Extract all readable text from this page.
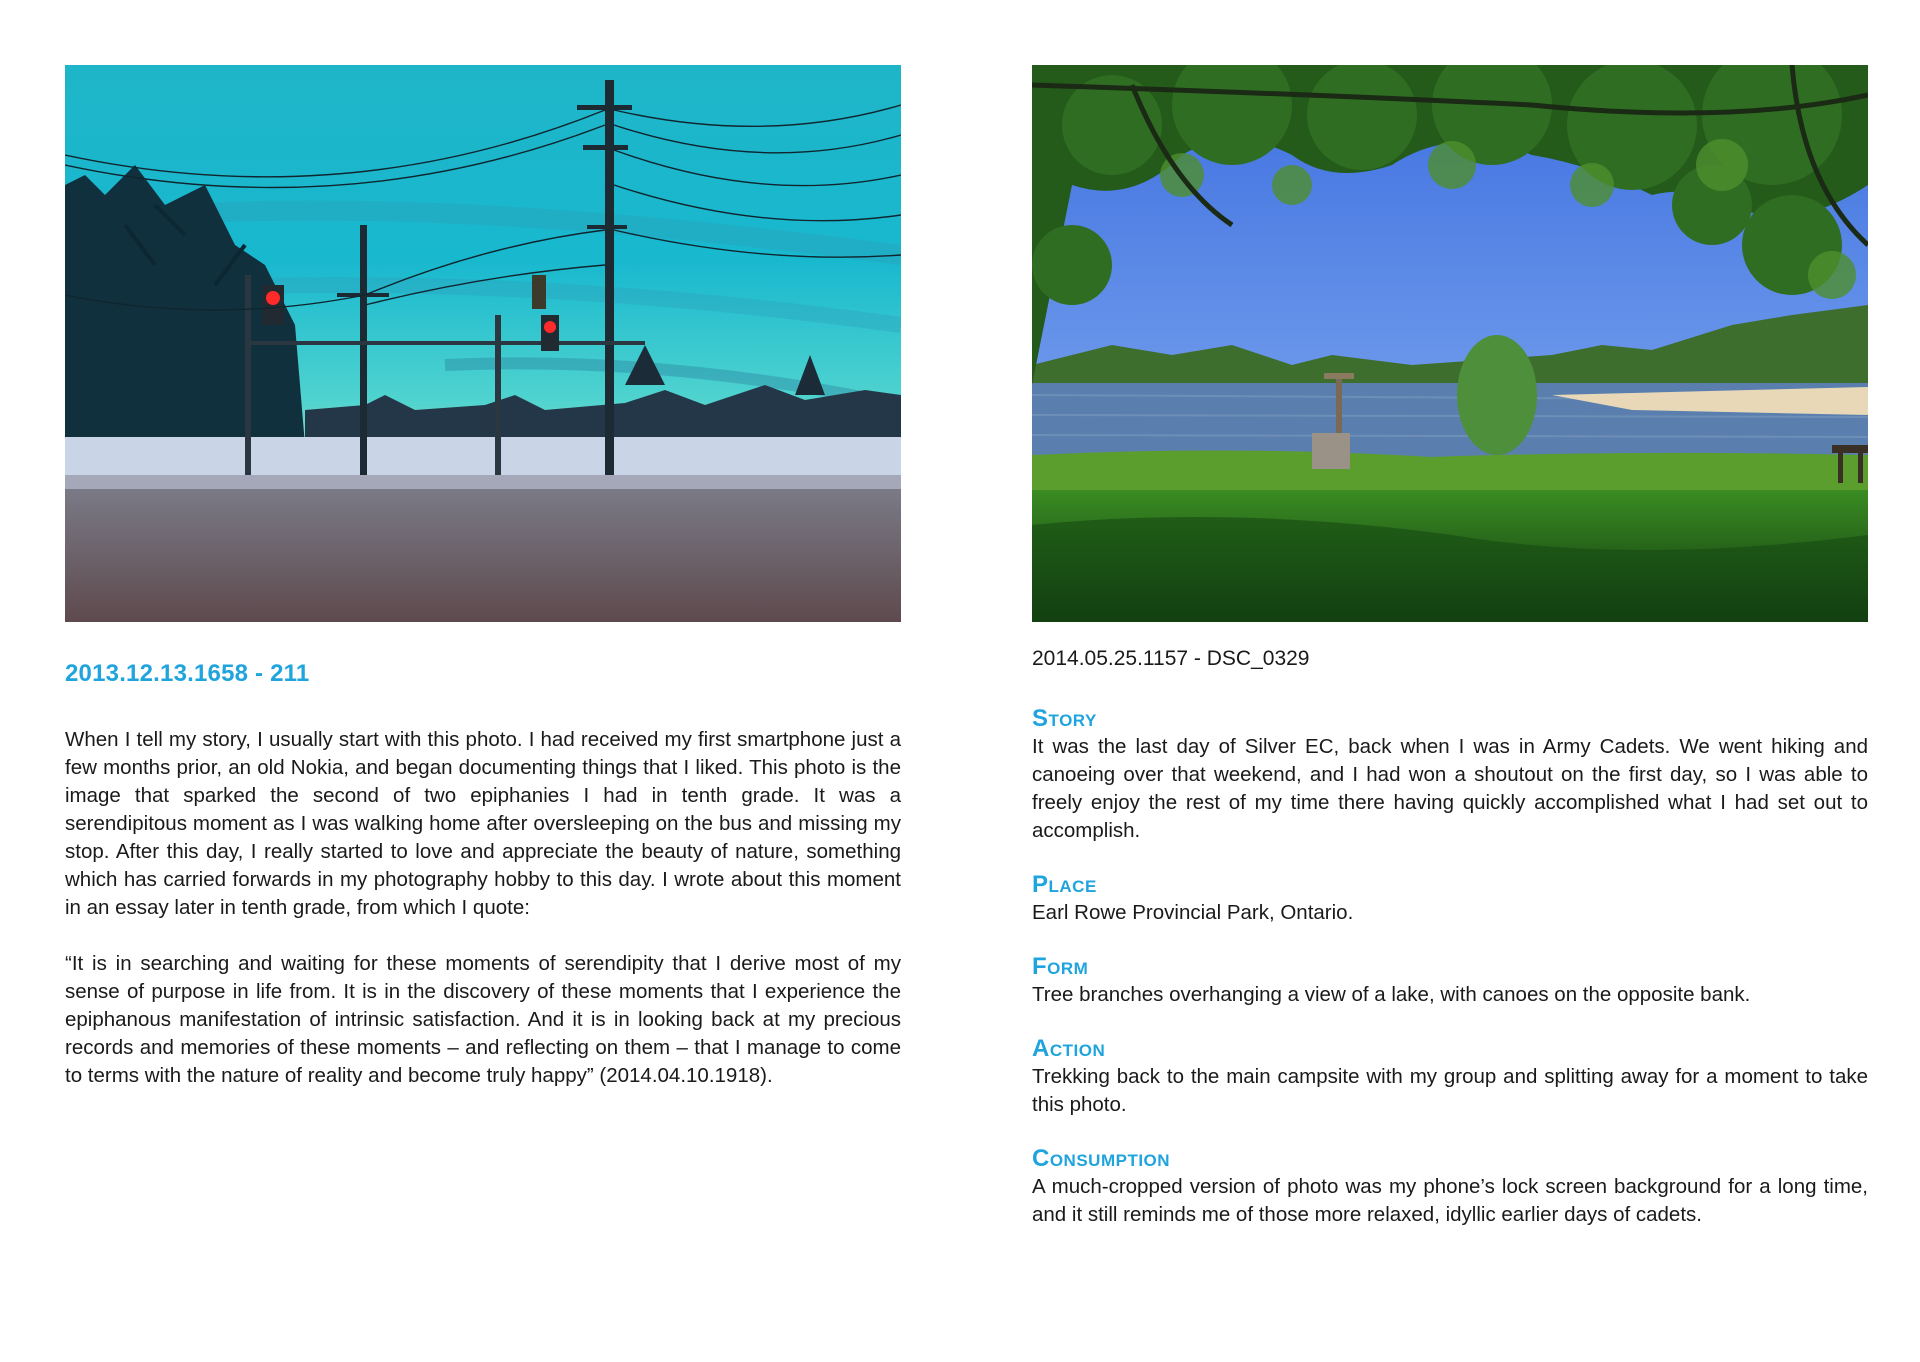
2013.12.13.1658 - 211

When I tell my story, I usually start with this photo. I had received my first smartphone just a few months prior, an old Nokia, and began documenting things that I liked. This photo is the image that sparked the second of two epiphanies I had in tenth grade. It was a serendipitous moment as I was walking home after oversleeping on the bus and missing my stop. After this day, I really started to love and appreciate the beauty of nature, something which has carried forwards in my photography hobby to this day. I wrote about this moment in an essay later in tenth grade, from which I quote:

“It is in searching and waiting for these moments of serendipity that I derive most of my sense of purpose in life from. It is in the discovery of these moments that I experience the epiphanous manifestation of intrinsic satisfaction. And it is in looking back at my precious records and memories of these moments – and reflecting on them – that I manage to come to terms with the nature of reality and become truly happy” (2014.04.10.1918).

2014.05.25.1157 - DSC_0329
Story

It was the last day of Silver EC, back when I was in Army Cadets. We went hiking and canoeing over that weekend, and I had won a shoutout on the first day, so I was able to freely enjoy the rest of my time there having quickly accomplished what I had set out to accomplish.

Place

Earl Rowe Provincial Park, Ontario.

Form

Tree branches overhanging a view of a lake, with canoes on the opposite bank.

Action

Trekking back to the main campsite with my group and splitting away for a moment to take this photo.

Consumption

A much-cropped version of photo was my phone’s lock screen background for a long time, and it still reminds me of those more relaxed, idyllic earlier days of cadets.
